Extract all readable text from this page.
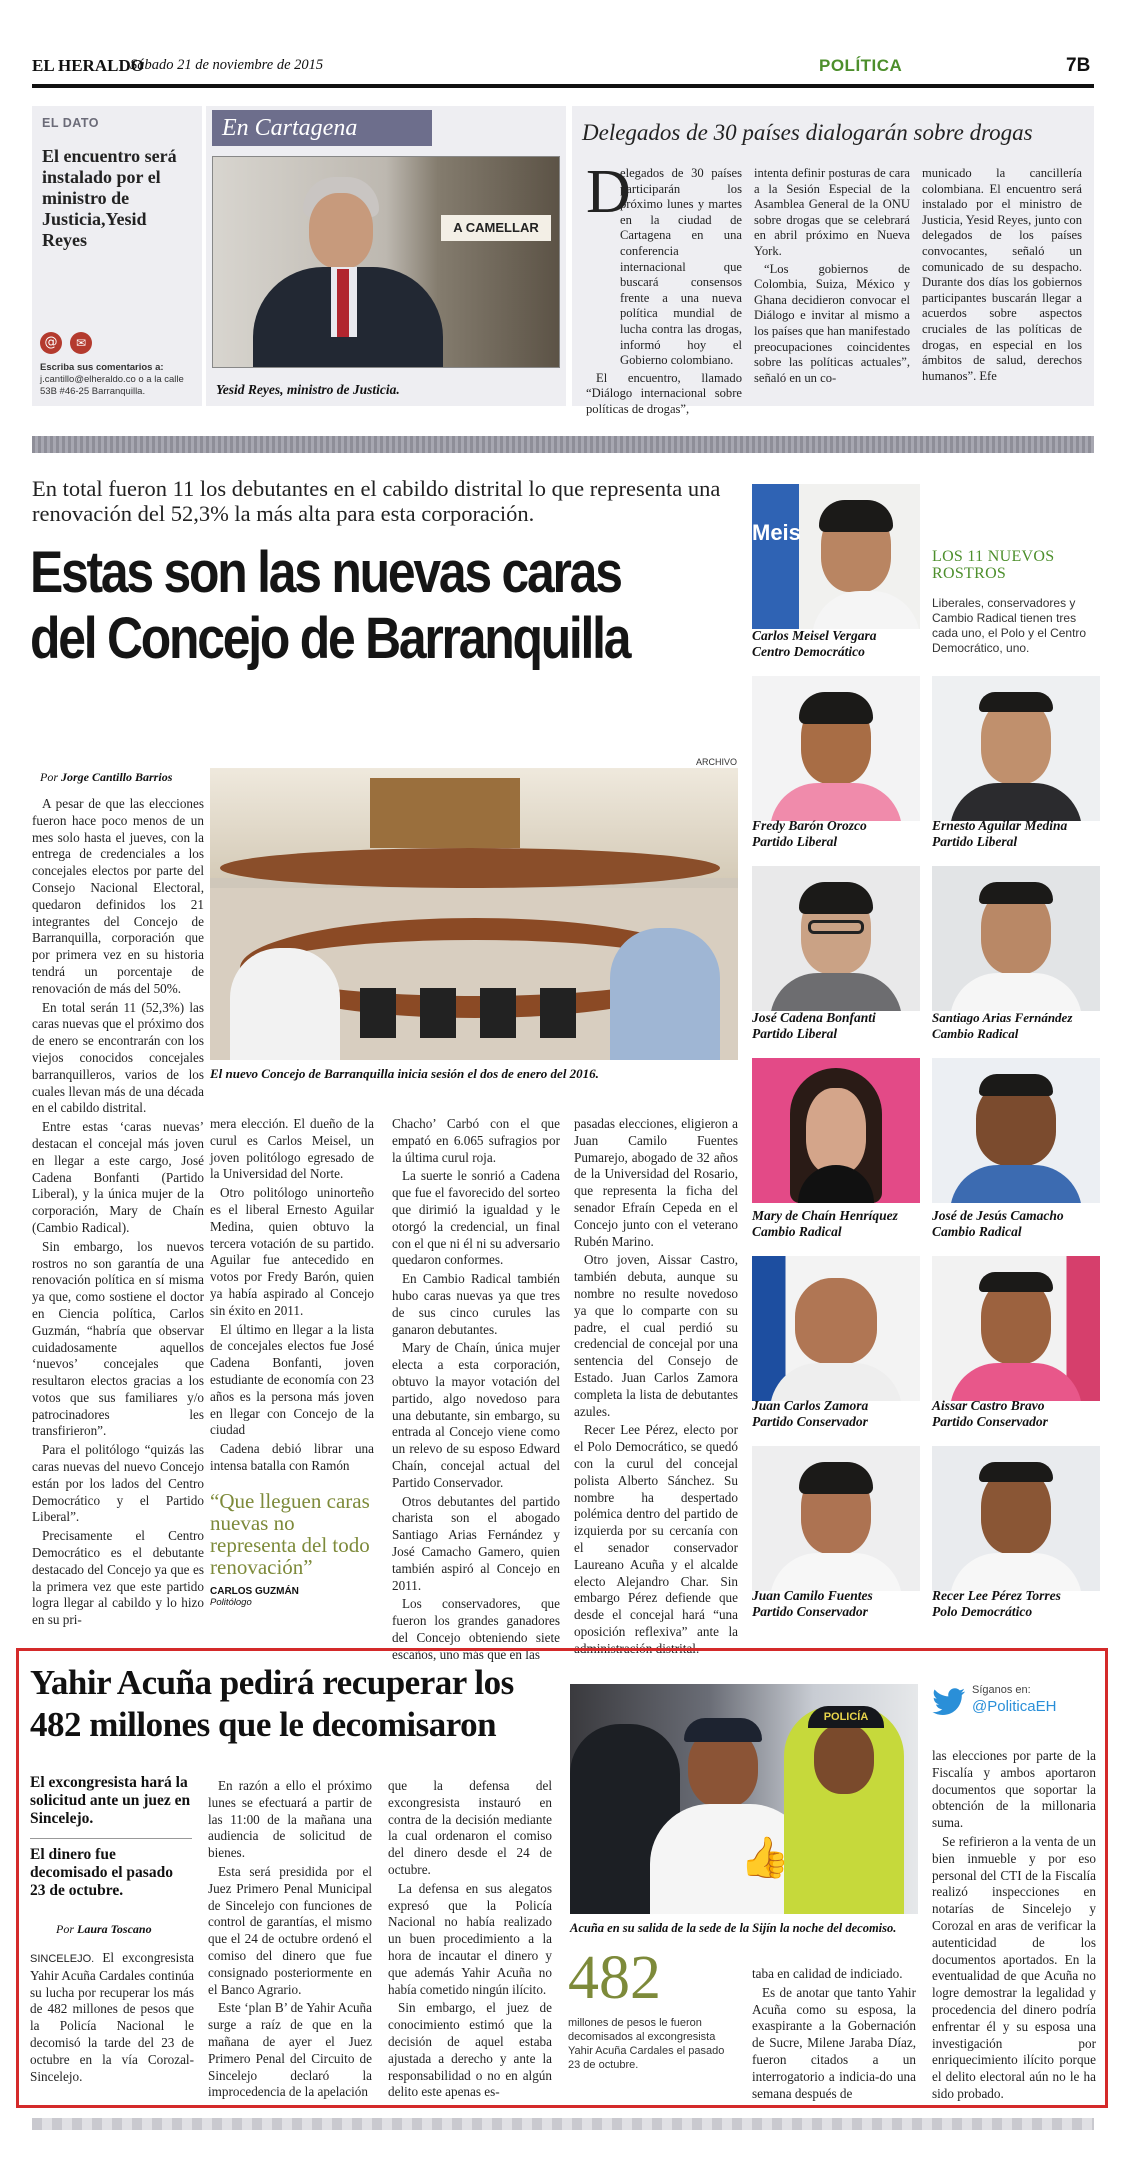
EL HERALDO
Sábado 21 de noviembre de 2015	POLÍTICA	7B
EL DATO
El encuentro será instalado por el ministro de Justicia,Yesid Reyes
@	✉
Escriba sus comentarios a: j.cantillo@elheraldo.co o a la calle 53B #46-25 Barranquilla.
En Cartagena
A CAMELLAR
Yesid Reyes, ministro de Justicia.
Delegados de 30 países dialogarán sobre drogas
D

elegados de 30 países participarán los próximo lunes y martes en la ciudad de Cartagena en una conferencia internacional que buscará consensos frente a una nueva política mundial de lucha contra las drogas, informó hoy el Gobierno colombiano.

El encuentro, llamado “Diálogo internacional sobre políticas de drogas”,

intenta definir posturas de cara a la Sesión Especial de la Asamblea General de la ONU sobre drogas que se celebrará en abril próximo en Nueva York.

“Los gobiernos de Colombia, Suiza, México y Ghana decidieron convocar el Diálogo e invitar al mismo a los países que han manifestado preocupaciones coincidentes sobre las políticas actuales”, señaló en un co-

municado la cancillería colombiana. El encuentro será instalado por el ministro de Justicia, Yesid Reyes, junto con delegados de los países convocantes, señaló un comunicado de su despacho. Durante dos días los gobiernos participantes buscarán llegar a acuerdos sobre aspectos cruciales de las políticas de drogas, en especial en los ámbitos de salud, derechos humanos”. Efe

En total fueron 11 los debutantes en el cabildo distrital lo que representa una renovación del 52,3% la más alta para esta corporación.
Estas son las nuevas caras
del Concejo de Barranquilla
Por Jorge Cantillo Barrios
ARCHIVO

A pesar de que las elecciones fueron hace poco menos de un mes solo hasta el jueves, con la entrega de credenciales a los concejales electos por parte del Consejo Nacional Electoral, quedaron definidos los 21 integrantes del Concejo de Barranquilla, corporación que por primera vez en su historia tendrá un porcentaje de renovación de más del 50%.

En total serán 11 (52,3%) las caras nuevas que el próximo dos de enero se encontrarán con los viejos conocidos concejales barranquilleros, varios de los cuales llevan más de una década en el cabildo distrital.

Entre estas ‘caras nuevas’ destacan el concejal más joven en llegar a este cargo, José Cadena Bonfanti (Partido Liberal), y la única mujer de la corporación, Mary de Chaín (Cambio Radical).

Sin embargo, los nuevos rostros no son garantía de una renovación política en sí misma ya que, como sostiene el doctor en Ciencia política, Carlos Guzmán, “habría que observar cuidadosamente aquellos ‘nuevos’ concejales que resultaron electos gracias a los votos que sus familiares y/o patrocinadores les transfirieron”.

Para el politólogo “quizás las caras nuevas del nuevo Concejo están por los lados del Centro Democrático y el Partido Liberal”.

Precisamente el Centro Democrático es el debutante destacado del Concejo ya que es la primera vez que este partido logra llegar al cabildo y lo hizo en su pri-

El nuevo Concejo de Barranquilla inicia sesión el dos de enero del 2016.

mera elección. El dueño de la curul es Carlos Meisel, un joven politólogo egresado de la Universidad del Norte.

Otro politólogo uninorteño es el liberal Ernesto Aguilar Medina, quien obtuvo la tercera votación de su partido. Aguilar fue antecedido en votos por Fredy Barón, quien ya había aspirado al Concejo sin éxito en 2011.

El último en llegar a la lista de concejales electos fue José Cadena Bonfanti, joven estudiante de economía con 23 años es la persona más joven en llegar con Concejo de la ciudad

Cadena debió librar una intensa batalla con Ramón

“Que lleguen caras nuevas no representa del todo renovación”
CARLOS GUZMÁN
Politólogo

Chacho’ Carbó con el que empató en 6.065 sufragios por la última curul roja.

La suerte le sonrió a Cadena que fue el favorecido del sorteo que dirimió la igualdad y le otorgó la credencial, un final con el que ni él ni su adversario quedaron conformes.

En Cambio Radical también hubo caras nuevas ya que tres de sus cinco curules las ganaron debutantes.

Mary de Chaín, única mujer electa a esta corporación, obtuvo la mayor votación del partido, algo novedoso para una debutante, sin embargo, su entrada al Concejo viene como un relevo de su esposo Edward Chaín, concejal actual del Partido Conservador.

Otros debutantes del partido charista son el abogado Santiago Arias Fernández y José Camacho Gamero, quien también aspiró al Concejo en 2011.

Los conservadores, que fueron los grandes ganadores del Concejo obteniendo siete escaños, uno más que en las

pasadas elecciones, eligieron a Juan Camilo Fuentes Pumarejo, abogado de 32 años de la Universidad del Rosario, que representa la ficha del senador Efraín Cepeda en el Concejo junto con el veterano Rubén Marino.

Otro joven, Aissar Castro, también debuta, aunque su nombre no resulte novedoso ya que lo comparte con su padre, el cual perdió su credencial de concejal por una sentencia del Consejo de Estado. Juan Carlos Zamora completa la lista de debutantes azules.

Recer Lee Pérez, electo por el Polo Democrático, se quedó con la curul del concejal polista Alberto Sánchez. Su nombre ha despertado polémica dentro del partido de izquierda por su cercanía con el senador conservador Laureano Acuña y el alcalde electo Alejandro Char. Sin embargo Pérez defiende que desde el concejal hará “una oposición reflexiva” ante la administración distrital.

LOS 11 NUEVOS ROSTROS
Liberales, conservadores y Cambio Radical tienen tres cada uno, el Polo y el Centro Democrático, uno.
Meis
Carlos Meisel Vergara
Centro Democrático
Fredy Barón Orozco
Partido Liberal
Ernesto Aguilar Medina
Partido Liberal
José Cadena Bonfanti
Partido Liberal
Santiago Arias Fernández
Cambio Radical
Mary de Chaín Henríquez
Cambio Radical
José de Jesús Camacho
Cambio Radical
Juan Carlos Zamora
Partido Conservador
Aissar Castro Bravo
Partido Conservador
Juan Camilo Fuentes
Partido Conservador
Recer Lee Pérez Torres
Polo Democrático
Yahir Acuña pedirá recuperar los 482 millones que le decomisaron
El excongresista hará la solicitud ante un juez en Sincelejo.
El dinero fue decomisado el pasado 23 de octubre.
Por Laura Toscano

SINCELEJO. El excongresista Yahir Acuña Cardales continúa su lucha por recuperar los más de 482 millones de pesos que la Policía Nacional le decomisó la tarde del 23 de octubre en la vía Corozal-Sincelejo.

En razón a ello el próximo lunes se efectuará a partir de las 11:00 de la mañana una audiencia de solicitud de bienes.

Esta será presidida por el Juez Primero Penal Municipal de Sincelejo con funciones de control de garantías, el mismo que el 24 de octubre ordenó el comiso del dinero que fue consignado posteriormente en el Banco Agrario.

Este ‘plan B’ de Yahir Acuña surge a raíz de que en la mañana de ayer el Juez Primero Penal del Circuito de Sincelejo declaró la improcedencia de la apelación

que la defensa del excongresista instauró en contra de la decisión mediante la cual ordenaron el comiso del dinero desde el 24 de octubre.

La defensa en sus alegatos expresó que la Policía Nacional no había realizado un buen procedimiento a la hora de incautar el dinero y que además Yahir Acuña no había cometido ningún ilícito.

Sin embargo, el juez de conocimiento estimó que la decisión de aquel estaba ajustada a derecho y ante la responsabilidad o no en algún delito este apenas es-

POLICÍA
👍
Acuña en su salida de la sede de la Sijín la noche del decomiso.
482
millones de pesos le fueron decomisados al excongresista Yahir Acuña Cardales el pasado 23 de octubre.

taba en calidad de indiciado.

Es de anotar que tanto Yahir Acuña como su esposa, la exaspirante a la Gobernación de Sucre, Milene Jaraba Díaz, fueron citados a un interrogatorio a indicia-do una semana después de

Síganos en:
@PoliticaEH

las elecciones por parte de la Fiscalía y ambos aportaron documentos que soportar la obtención de la millonaria suma.

Se refirieron a la venta de un bien inmueble y por eso personal del CTI de la Fiscalía realizó inspecciones en notarías de Sincelejo y Corozal en aras de verificar la autenticidad de los documentos aportados. En la eventualidad de que Acuña no logre demostrar la legalidad y procedencia del dinero podría enfrentar él y su esposa una investigación por enriquecimiento ilícito porque el delito electoral aún no le ha sido probado.
